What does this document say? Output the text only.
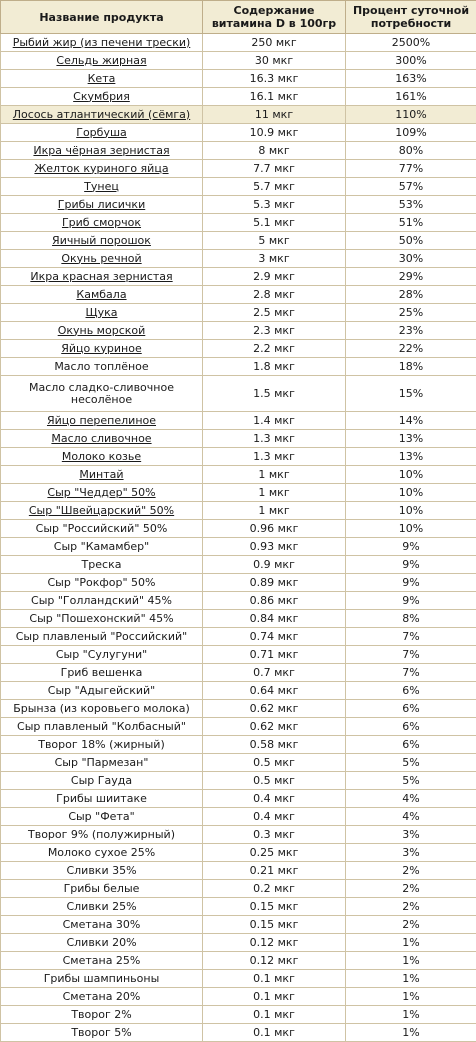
Название продукта	Содержание витамина D в 100гр	Процент суточной потребности
Рыбий жир (из печени трески)	250 мкг	2500%
Сельдь жирная	30 мкг	300%
Кета	16.3 мкг	163%
Скумбрия	16.1 мкг	161%
Лосось атлантический (сёмга)	11 мкг	110%
Горбуша	10.9 мкг	109%
Икра чёрная зернистая	8 мкг	80%
Желток куриного яйца	7.7 мкг	77%
Тунец	5.7 мкг	57%
Грибы лисички	5.3 мкг	53%
Гриб сморчок	5.1 мкг	51%
Яичный порошок	5 мкг	50%
Окунь речной	3 мкг	30%
Икра красная зернистая	2.9 мкг	29%
Камбала	2.8 мкг	28%
Щука	2.5 мкг	25%
Окунь морской	2.3 мкг	23%
Яйцо куриное	2.2 мкг	22%
Масло топлёное	1.8 мкг	18%
Масло сладко-сливочное несолёное	1.5 мкг	15%
Яйцо перепелиное	1.4 мкг	14%
Масло сливочное	1.3 мкг	13%
Молоко козье	1.3 мкг	13%
Минтай	1 мкг	10%
Сыр "Чеддер" 50%	1 мкг	10%
Сыр "Швейцарский" 50%	1 мкг	10%
Сыр "Российский" 50%	0.96 мкг	10%
Сыр "Камамбер"	0.93 мкг	9%
Треска	0.9 мкг	9%
Сыр "Рокфор" 50%	0.89 мкг	9%
Сыр "Голландский" 45%	0.86 мкг	9%
Сыр "Пошехонский" 45%	0.84 мкг	8%
Сыр плавленый "Российский"	0.74 мкг	7%
Сыр "Сулугуни"	0.71 мкг	7%
Гриб вешенка	0.7 мкг	7%
Сыр "Адыгейский"	0.64 мкг	6%
Брынза (из коровьего молока)	0.62 мкг	6%
Сыр плавленый "Колбасный"	0.62 мкг	6%
Творог 18% (жирный)	0.58 мкг	6%
Сыр "Пармезан"	0.5 мкг	5%
Сыр Гауда	0.5 мкг	5%
Грибы шиитаке	0.4 мкг	4%
Сыр "Фета"	0.4 мкг	4%
Творог 9% (полужирный)	0.3 мкг	3%
Молоко сухое 25%	0.25 мкг	3%
Сливки 35%	0.21 мкг	2%
Грибы белые	0.2 мкг	2%
Сливки 25%	0.15 мкг	2%
Сметана 30%	0.15 мкг	2%
Сливки 20%	0.12 мкг	1%
Сметана 25%	0.12 мкг	1%
Грибы шампиньоны	0.1 мкг	1%
Сметана 20%	0.1 мкг	1%
Творог 2%	0.1 мкг	1%
Творог 5%	0.1 мкг	1%
